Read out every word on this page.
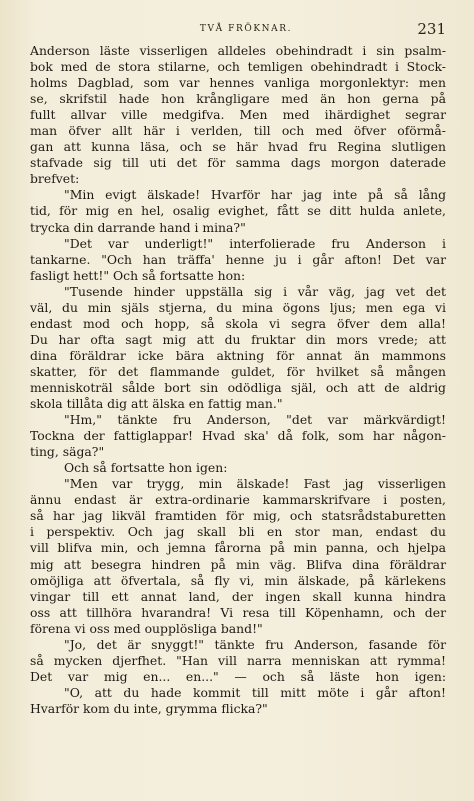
TVÅ FRÖKNAR.	231
Anderson läste visserligen alldeles obehindradt i sin psalm-
bok med de stora stilarne, och temligen obehindradt i Stock-
holms Dagblad, som var hennes vanliga morgonlektyr: men
se, skrifstil hade hon krångligare med än hon gerna på
fullt allvar ville medgifva. Men med ihärdighet segrar
man öfver allt här i verlden, till och med öfver oförmå-
gan att kunna läsa, och se här hvad fru Regina slutligen
stafvade sig till uti det för samma dags morgon daterade
brefvet:
"Min evigt älskade! Hvarför har jag inte på så lång
tid, för mig en hel, osalig evighet, fått se ditt hulda anlete,
trycka din darrande hand i mina?"
"Det var underligt!" interfolierade fru Anderson i
tankarne. "Och han träffa' henne ju i går afton! Det var
fasligt hett!" Och så fortsatte hon:
"Tusende hinder uppställa sig i vår väg, jag vet det
väl, du min själs stjerna, du mina ögons ljus; men ega vi
endast mod och hopp, så skola vi segra öfver dem alla!
Du har ofta sagt mig att du fruktar din mors vrede; att
dina föräldrar icke bära aktning för annat än mammons
skatter, för det flammande guldet, för hvilket så mången
menniskoträl sålde bort sin odödliga själ, och att de aldrig
skola tillåta dig att älska en fattig man."
"Hm," tänkte fru Anderson, "det var märkvärdigt!
Tockna der fattiglappar! Hvad ska' då folk, som har någon-
ting, säga?"
Och så fortsatte hon igen:
"Men var trygg, min älskade! Fast jag visserligen
ännu endast är extra-ordinarie kammarskrifvare i posten,
så har jag likväl framtiden för mig, och statsrådstaburetten
i perspektiv. Och jag skall bli en stor man, endast du
vill blifva min, och jemna fårorna på min panna, och hjelpa
mig att besegra hindren på min väg. Blifva dina föräldrar
omöjliga att öfvertala, så fly vi, min älskade, på kärlekens
vingar till ett annat land, der ingen skall kunna hindra
oss att tillhöra hvarandra! Vi resa till Köpenhamn, och der
förena vi oss med oupplösliga band!"
"Jo, det är snyggt!" tänkte fru Anderson, fasande för
så mycken djerfhet. "Han vill narra menniskan att rymma!
Det var mig en... en..." — och så läste hon igen:
"O, att du hade kommit till mitt möte i går afton!
Hvarför kom du inte, grymma flicka?"
